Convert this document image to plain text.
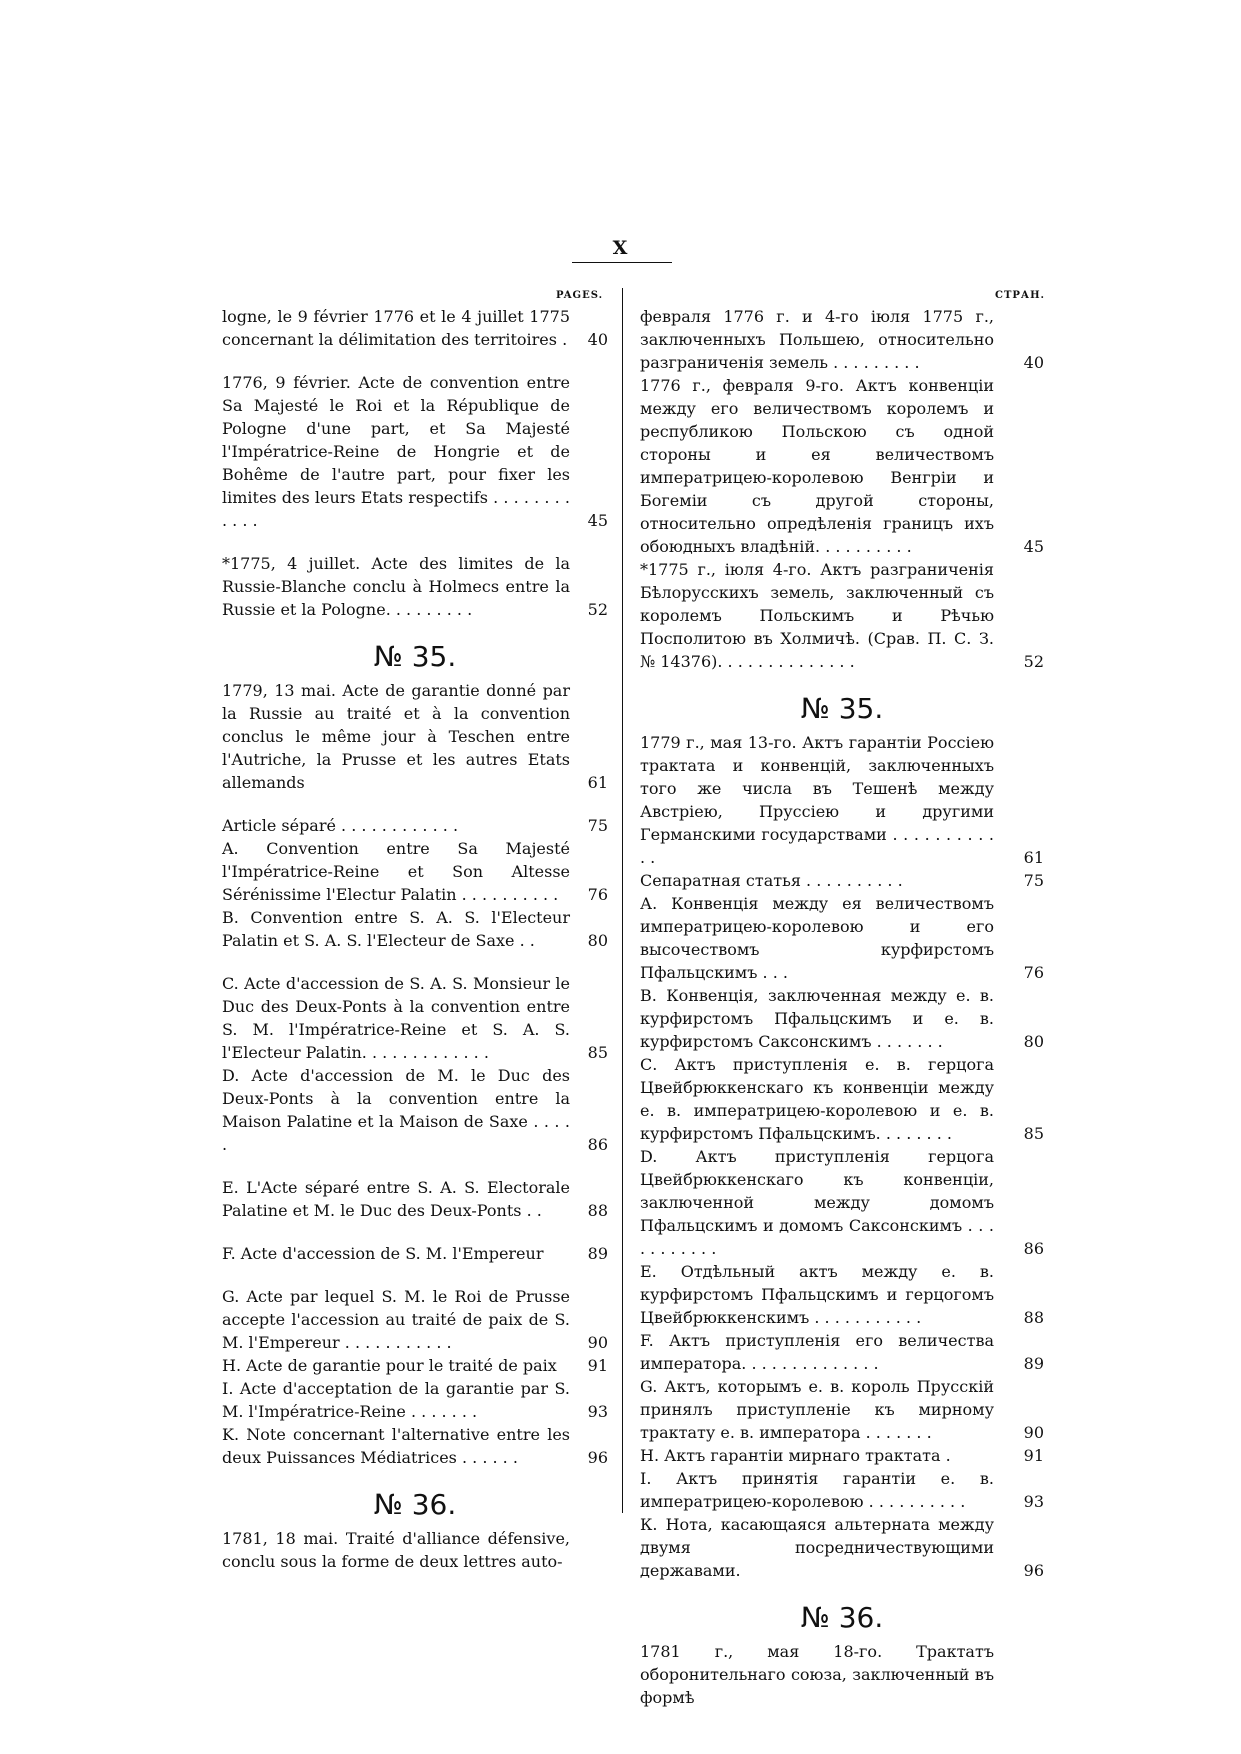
X
PAGES.	СТРАН.
logne, le 9 février 1776 et le 4 juillet 1775 concernant la délimitation des territoires .	40
1776, 9 février. Acte de convention entre Sa Majesté le Roi et la République de Pologne d'une part, et Sa Majesté l'Impératrice-Reine de Hongrie et de Bohême de l'autre part, pour fixer les limites des leurs Etats respectifs . . . . . . . . . . . .	45
*1775, 4 juillet. Acte des limites de la Russie-Blanche conclu à Holmecs entre la Russie et la Pologne. . . . . . . . .	52
№ 35.
1779, 13 mai. Acte de garantie donné par la Russie au traité et à la convention conclus le même jour à Teschen entre l'Autriche, la Prusse et les autres Etats allemands	61
Article séparé . . . . . . . . . . . .	75
A. Convention entre Sa Majesté l'Impératrice-Reine et Son Altesse Sérénissime l'Electur Palatin . . . . . . . . . .	76
B. Convention entre S. A. S. l'Electeur Palatin et S. A. S. l'Electeur de Saxe . .	80
C. Acte d'accession de S. A. S. Monsieur le Duc des Deux-Ponts à la convention entre S. M. l'Impératrice-Reine et S. A. S. l'Electeur Palatin. . . . . . . . . . . . .	85
D. Acte d'accession de M. le Duc des Deux-Ponts à la convention entre la Maison Palatine et la Maison de Saxe . . . . .	86
E. L'Acte séparé entre S. A. S. Electorale Palatine et M. le Duc des Deux-Ponts . .	88
F. Acte d'accession de S. M. l'Empereur	89
G. Acte par lequel S. M. le Roi de Prusse accepte l'accession au traité de paix de S. M. l'Empereur . . . . . . . . . . .	90
H. Acte de garantie pour le traité de paix	91
I. Acte d'acceptation de la garantie par S. M. l'Impératrice-Reine . . . . . . .	93
K. Note concernant l'alternative entre les deux Puissances Médiatrices . . . . . .	96
№ 36.
1781, 18 mai. Traité d'alliance défensive, conclu sous la forme de deux lettres auto-
февраля 1776 г. и 4-го іюля 1775 г., заключенныхъ Польшею, относительно разграниченія земель . . . . . . . . .	40
1776 г., февраля 9-го. Актъ конвенціи между его величествомъ королемъ и республикою Польскою съ одной стороны и ея величествомъ императрицею-королевою Венгріи и Богеміи съ другой стороны, относительно опредѣленія границъ ихъ обоюдныхъ владѣній. . . . . . . . . .	45
*1775 г., іюля 4-го. Актъ разграниченія Бѣлорусскихъ земель, заключенный съ королемъ Польскимъ и Рѣчью Посполитою въ Холмичѣ. (Срав. П. С. З. № 14376). . . . . . . . . . . . . .	52
№ 35.
1779 г., мая 13-го. Актъ гарантіи Россіею трактата и конвенцій, заключенныхъ того же числа въ Тешенѣ между Австріею, Пруссіею и другими Германскими государствами . . . . . . . . . . . .	61
Сепаратная статья . . . . . . . . . .	75
А. Конвенція между ея величествомъ императрицею-королевою и его высочествомъ курфирстомъ Пфальцскимъ . . .	76
В. Конвенція, заключенная между е. в. курфирстомъ Пфальцскимъ и е. в. курфирстомъ Саксонскимъ . . . . . . .	80
С. Актъ приступленія е. в. герцога Цвейбрюккенскаго къ конвенціи между е. в. императрицею-королевою и е. в. курфирстомъ Пфальцскимъ. . . . . . . .	85
D. Актъ приступленія герцога Цвейбрюккенскаго къ конвенціи, заключенной между домомъ Пфальцскимъ и домомъ Саксонскимъ . . . . . . . . . . .	86
Е. Отдѣльный актъ между е. в. курфирстомъ Пфальцскимъ и герцогомъ Цвейбрюккенскимъ . . . . . . . . . . .	88
F. Актъ приступленія его величества императора. . . . . . . . . . . . . .	89
G. Актъ, которымъ е. в. король Прусскій принялъ приступленіе къ мирному трактату е. в. императора . . . . . . .	90
Н. Актъ гарантіи мирнаго трактата .	91
I. Актъ принятія гарантіи е. в. императрицею-королевою . . . . . . . . . .	93
К. Нота, касающаяся альтерната между двумя посредничествующими державами.	96
№ 36.
1781 г., мая 18-го. Трактатъ оборонительнаго союза, заключенный въ формѣ
